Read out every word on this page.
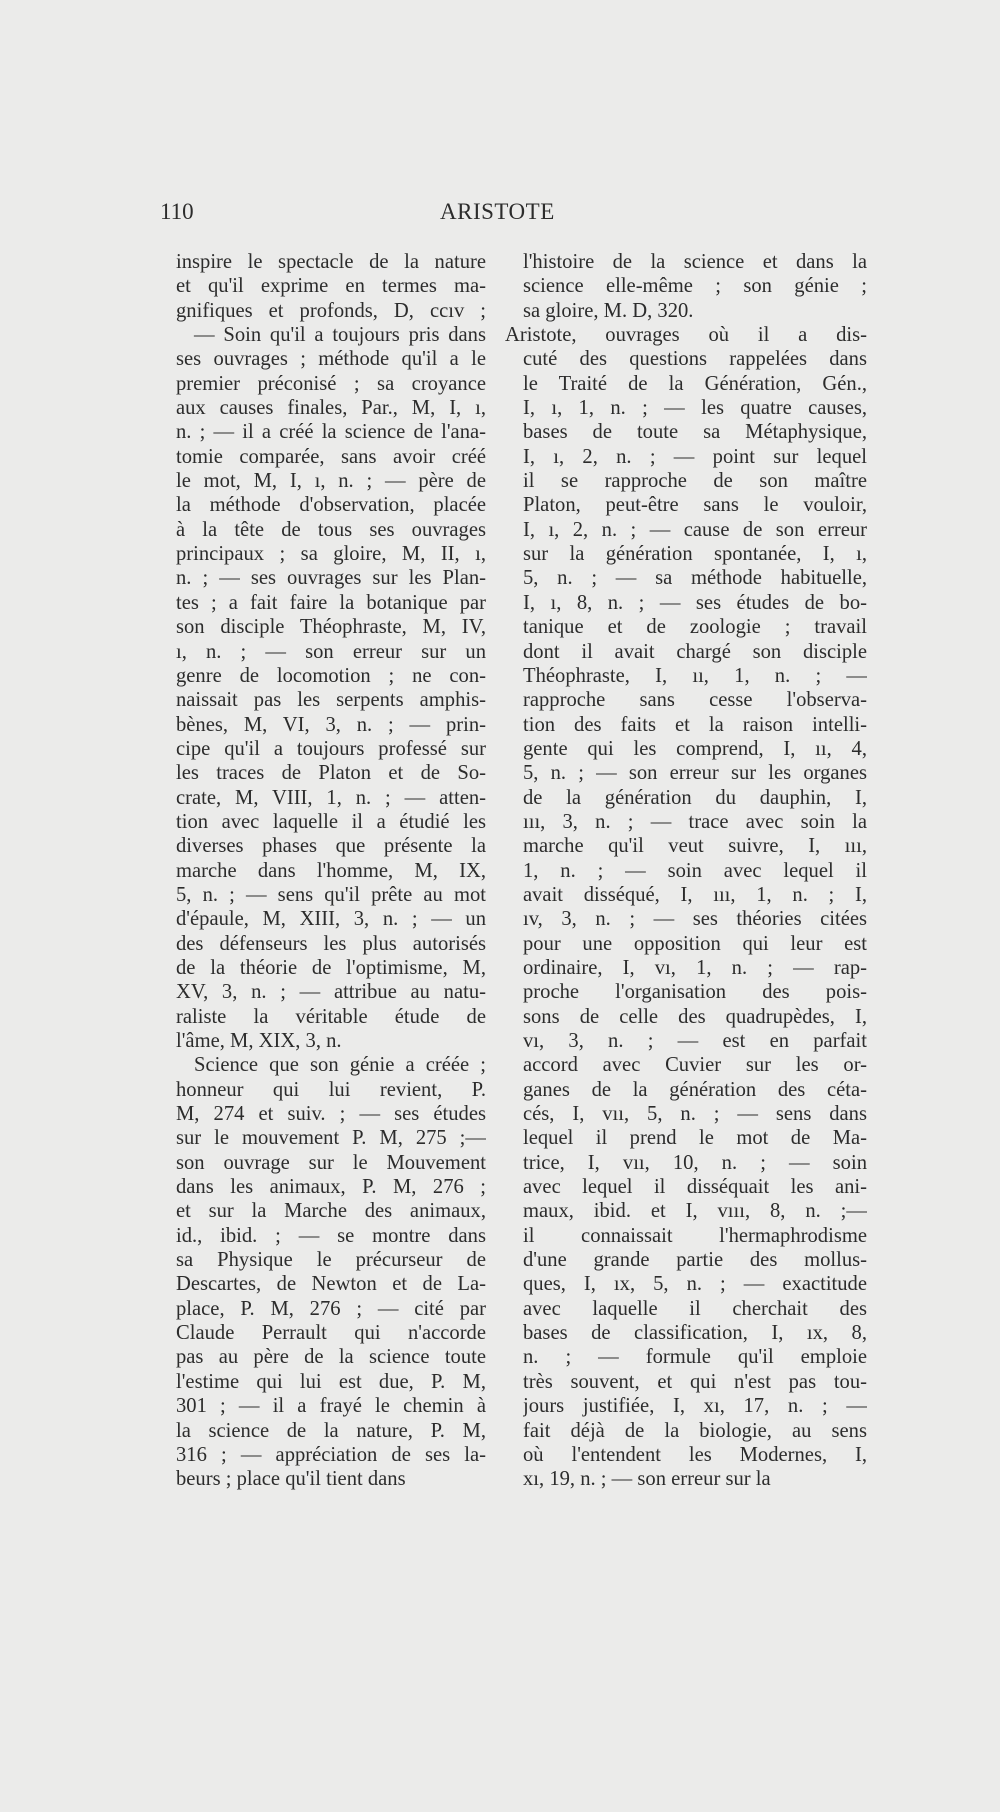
110	ARISTOTE
inspire le spectacle de la nature
et qu'il exprime en termes ma-
gnifiques et profonds, D, ccıv ;
— Soin qu'il a toujours pris dans
ses ouvrages ; méthode qu'il a le
premier préconisé ; sa croyance
aux causes finales, Par., M, I, ı,
n. ; — il a créé la science de l'ana-
tomie comparée, sans avoir créé
le mot, M, I, ı, n. ; — père de
la méthode d'observation, placée
à la tête de tous ses ouvrages
principaux ; sa gloire, M, II, ı,
n. ; — ses ouvrages sur les Plan-
tes ; a fait faire la botanique par
son disciple Théophraste, M, IV,
ı, n. ; — son erreur sur un
genre de locomotion ; ne con-
naissait pas les serpents amphis-
bènes, M, VI, 3, n. ; — prin-
cipe qu'il a toujours professé sur
les traces de Platon et de So-
crate, M, VIII, 1, n. ; — atten-
tion avec laquelle il a étudié les
diverses phases que présente la
marche dans l'homme, M, IX,
5, n. ; — sens qu'il prête au mot
d'épaule, M, XIII, 3, n. ; — un
des défenseurs les plus autorisés
de la théorie de l'optimisme, M,
XV, 3, n. ; — attribue au natu-
raliste la véritable étude de
l'âme, M, XIX, 3, n.
Science que son génie a créée ;
honneur qui lui revient, P.
M, 274 et suiv. ; — ses études
sur le mouvement P. M, 275 ;—
son ouvrage sur le Mouvement
dans les animaux, P. M, 276 ;
et sur la Marche des animaux,
id., ibid. ; — se montre dans
sa Physique le précurseur de
Descartes, de Newton et de La-
place, P. M, 276 ; — cité par
Claude Perrault qui n'accorde
pas au père de la science toute
l'estime qui lui est due, P. M,
301 ; — il a frayé le chemin à
la science de la nature, P. M,
316 ; — appréciation de ses la-
beurs ; place qu'il tient dans
l'histoire de la science et dans la
science elle-même ; son génie ;
sa gloire, M. D, 320.
Aristote, ouvrages où il a dis-
cuté des questions rappelées dans
le Traité de la Génération, Gén.,
I, ı, 1, n. ; — les quatre causes,
bases de toute sa Métaphysique,
I, ı, 2, n. ; — point sur lequel
il se rapproche de son maître
Platon, peut-être sans le vouloir,
I, ı, 2, n. ; — cause de son erreur
sur la génération spontanée, I, ı,
5, n. ; — sa méthode habituelle,
I, ı, 8, n. ; — ses études de bo-
tanique et de zoologie ; travail
dont il avait chargé son disciple
Théophraste, I, ıı, 1, n. ; —
rapproche sans cesse l'observa-
tion des faits et la raison intelli-
gente qui les comprend, I, ıı, 4,
5, n. ; — son erreur sur les organes
de la génération du dauphin, I,
ııı, 3, n. ; — trace avec soin la
marche qu'il veut suivre, I, ııı,
1, n. ; — soin avec lequel il
avait disséqué, I, ııı, 1, n. ; I,
ıv, 3, n. ; — ses théories citées
pour une opposition qui leur est
ordinaire, I, vı, 1, n. ; — rap-
proche l'organisation des pois-
sons de celle des quadrupèdes, I,
vı, 3, n. ; — est en parfait
accord avec Cuvier sur les or-
ganes de la génération des céta-
cés, I, vıı, 5, n. ; — sens dans
lequel il prend le mot de Ma-
trice, I, vıı, 10, n. ; — soin
avec lequel il disséquait les ani-
maux, ibid. et I, vııı, 8, n. ;—
il connaissait l'hermaphrodisme
d'une grande partie des mollus-
ques, I, ıx, 5, n. ; — exactitude
avec laquelle il cherchait des
bases de classification, I, ıx, 8,
n. ; — formule qu'il emploie
très souvent, et qui n'est pas tou-
jours justifiée, I, xı, 17, n. ; —
fait déjà de la biologie, au sens
où l'entendent les Modernes, I,
xı, 19, n. ; — son erreur sur la
